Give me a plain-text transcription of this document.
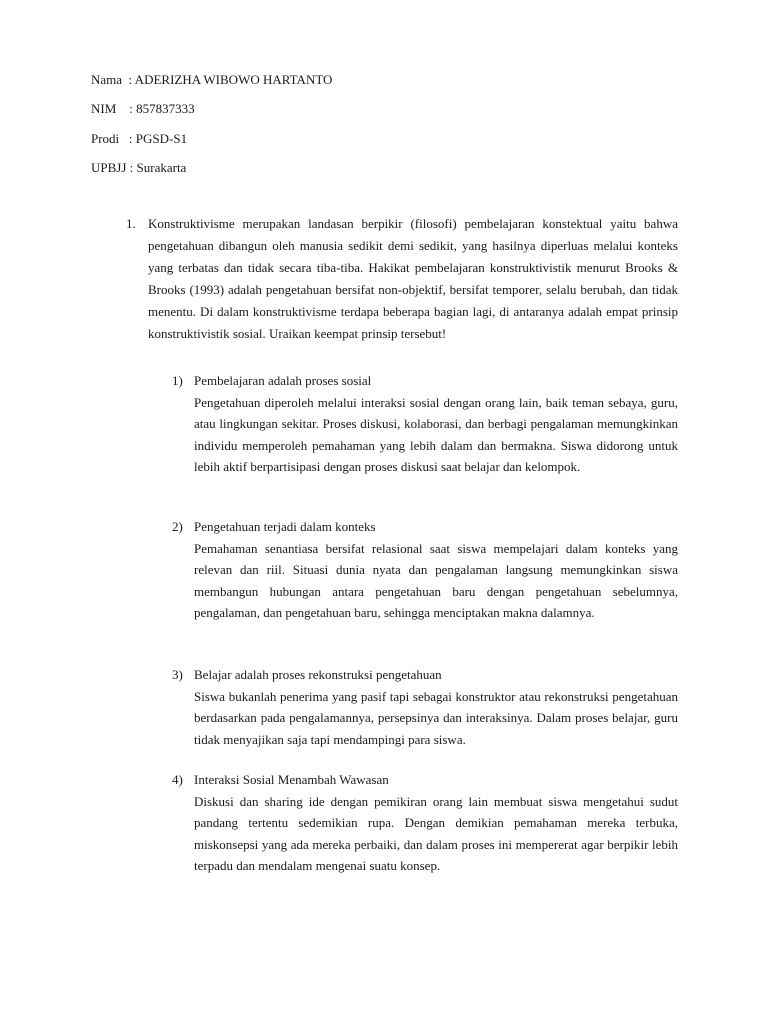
Nama  : ADERIZHA WIBOWO HARTANTO
NIM    : 857837333
Prodi   : PGSD-S1
UPBJJ : Surakarta
1. Konstruktivisme merupakan landasan berpikir (filosofi) pembelajaran konstektual yaitu bahwa pengetahuan dibangun oleh manusia sedikit demi sedikit, yang hasilnya diperluas melalui konteks yang terbatas dan tidak secara tiba-tiba. Hakikat pembelajaran konstruktivistik menurut Brooks & Brooks (1993) adalah pengetahuan bersifat non-objektif, bersifat temporer, selalu berubah, dan tidak menentu. Di dalam konstruktivisme terdapa beberapa bagian lagi, di antaranya adalah empat prinsip konstruktivistik sosial. Uraikan keempat prinsip tersebut!
1) Pembelajaran adalah proses sosial
Pengetahuan diperoleh melalui interaksi sosial dengan orang lain, baik teman sebaya, guru, atau lingkungan sekitar. Proses diskusi, kolaborasi, dan berbagi pengalaman memungkinkan individu memperoleh pemahaman yang lebih dalam dan bermakna. Siswa didorong untuk lebih aktif berpartisipasi dengan proses diskusi saat belajar dan kelompok.
2) Pengetahuan terjadi dalam konteks
Pemahaman senantiasa bersifat relasional saat siswa mempelajari dalam konteks yang relevan dan riil. Situasi dunia nyata dan pengalaman langsung memungkinkan siswa membangun hubungan antara pengetahuan baru dengan pengetahuan sebelumnya, pengalaman, dan pengetahuan baru, sehingga menciptakan makna dalamnya.
3) Belajar adalah proses rekonstruksi pengetahuan
Siswa bukanlah penerima yang pasif tapi sebagai konstruktor atau rekonstruksi pengetahuan berdasarkan pada pengalamannya, persepsinya dan interaksinya. Dalam proses belajar, guru tidak menyajikan saja tapi mendampingi para siswa.
4) Interaksi Sosial Menambah Wawasan
Diskusi dan sharing ide dengan pemikiran orang lain membuat siswa mengetahui sudut pandang tertentu sedemikian rupa. Dengan demikian pemahaman mereka terbuka, miskonsepsi yang ada mereka perbaiki, dan dalam proses ini mempererat agar berpikir lebih terpadu dan mendalam mengenai suatu konsep.
